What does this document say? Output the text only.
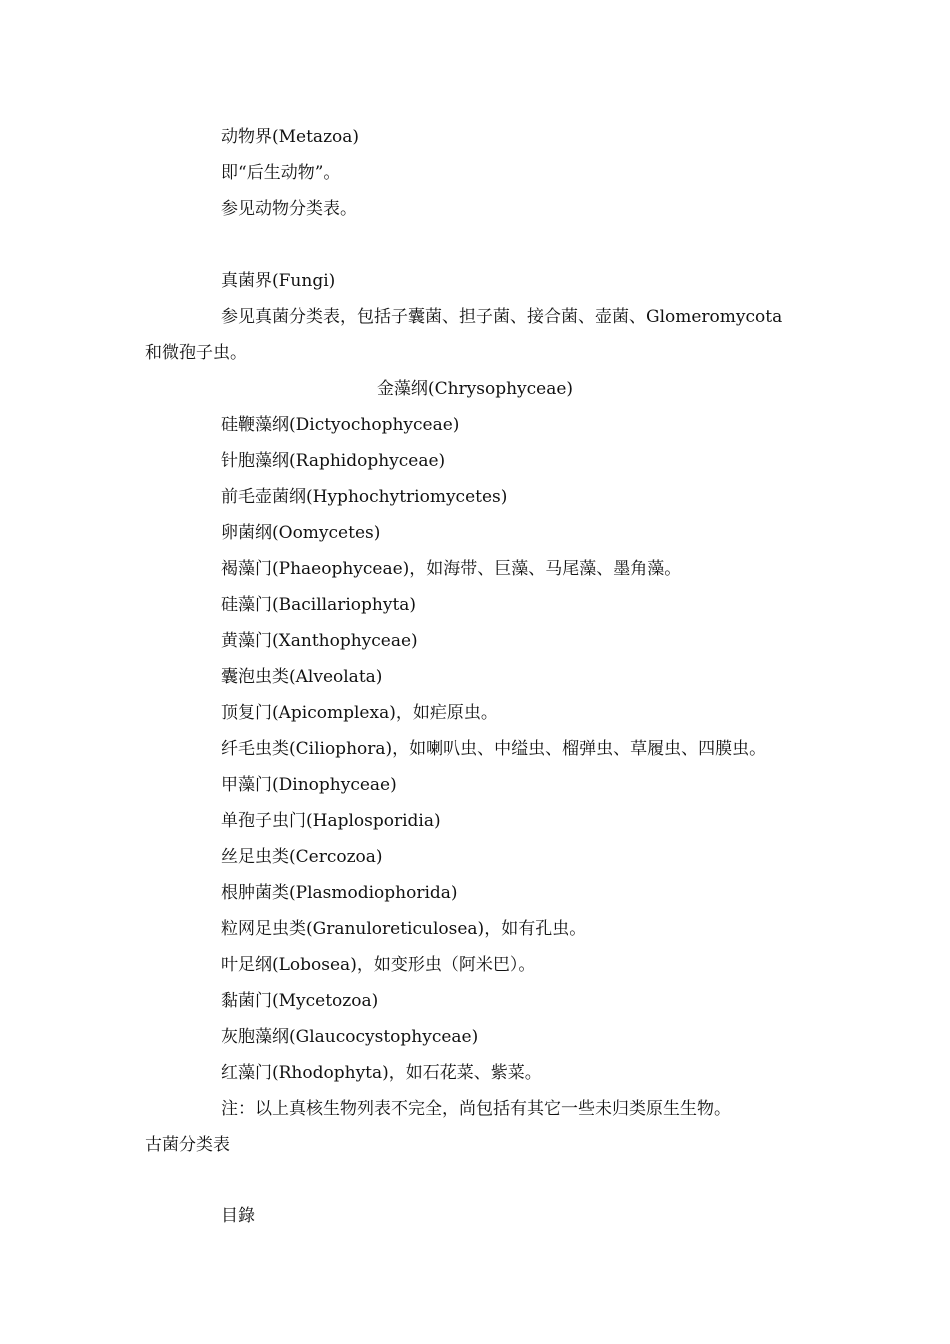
动物界(Metazoa)
即“后生动物”。
参见动物分类表。
真菌界(Fungi)
参见真菌分类表，包括子囊菌、担子菌、接合菌、壶菌、Glomeromycota
和微孢子虫。
金藻纲(Chrysophyceae)
硅鞭藻纲(Dictyochophyceae)
针胞藻纲(Raphidophyceae)
前毛壶菌纲(Hyphochytriomycetes)
卵菌纲(Oomycetes)
褐藻门(Phaeophyceae)，如海带、巨藻、马尾藻、墨角藻。
硅藻门(Bacillariophyta)
黄藻门(Xanthophyceae)
囊泡虫类(Alveolata)
顶复门(Apicomplexa)，如疟原虫。
纤毛虫类(Ciliophora)，如喇叭虫、中缢虫、榴弹虫、草履虫、四膜虫。
甲藻门(Dinophyceae)
单孢子虫门(Haplosporidia)
丝足虫类(Cercozoa)
根肿菌类(Plasmodiophorida)
粒网足虫类(Granuloreticulosea)，如有孔虫。
叶足纲(Lobosea)，如变形虫（阿米巴）。
黏菌门(Mycetozoa)
灰胞藻纲(Glaucocystophyceae)
红藻门(Rhodophyta)，如石花菜、紫菜。
注：以上真核生物列表不完全，尚包括有其它一些未归类原生生物。
古菌分类表
目錄
